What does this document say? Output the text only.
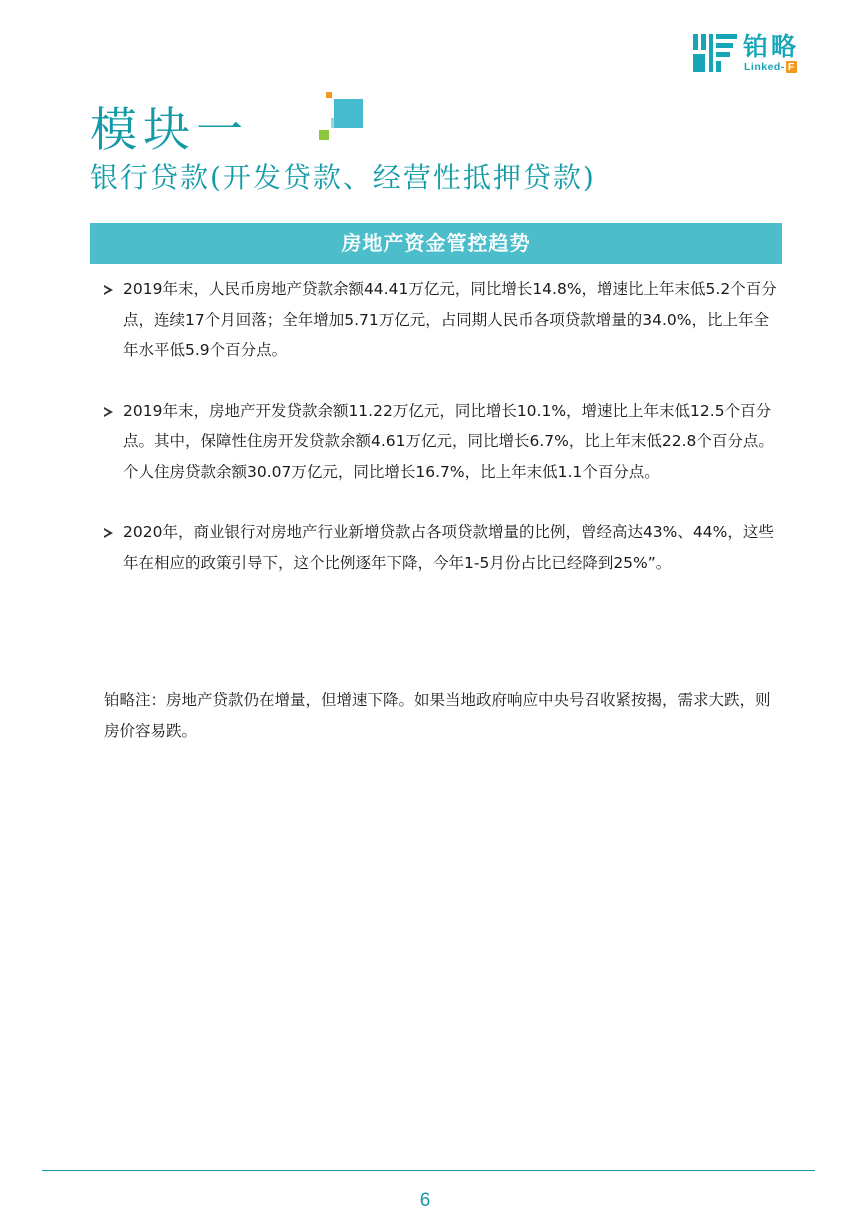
铂略
Linked- F
模块一
银行贷款(开发贷款、经营性抵押贷款)
房地产资金管控趋势
2019年末，人民币房地产贷款余额44.41万亿元，同比增长14.8%，增速比上年末低5.2个百分点，连续17个月回落；全年增加5.71万亿元，占同期人民币各项贷款增量的34.0%，比上年全年水平低5.9个百分点。
2019年末，房地产开发贷款余额11.22万亿元，同比增长10.1%，增速比上年末低12.5个百分点。其中，保障性住房开发贷款余额4.61万亿元，同比增长6.7%，比上年末低22.8个百分点。个人住房贷款余额30.07万亿元，同比增长16.7%，比上年末低1.1个百分点。
2020年，商业银行对房地产行业新增贷款占各项贷款增量的比例，曾经高达43%、44%，这些年在相应的政策引导下，这个比例逐年下降，今年1-5月份占比已经降到25%”。
铂略注：房地产贷款仍在增量，但增速下降。如果当地政府响应中央号召收紧按揭，需求大跌，则房价容易跌。
6
